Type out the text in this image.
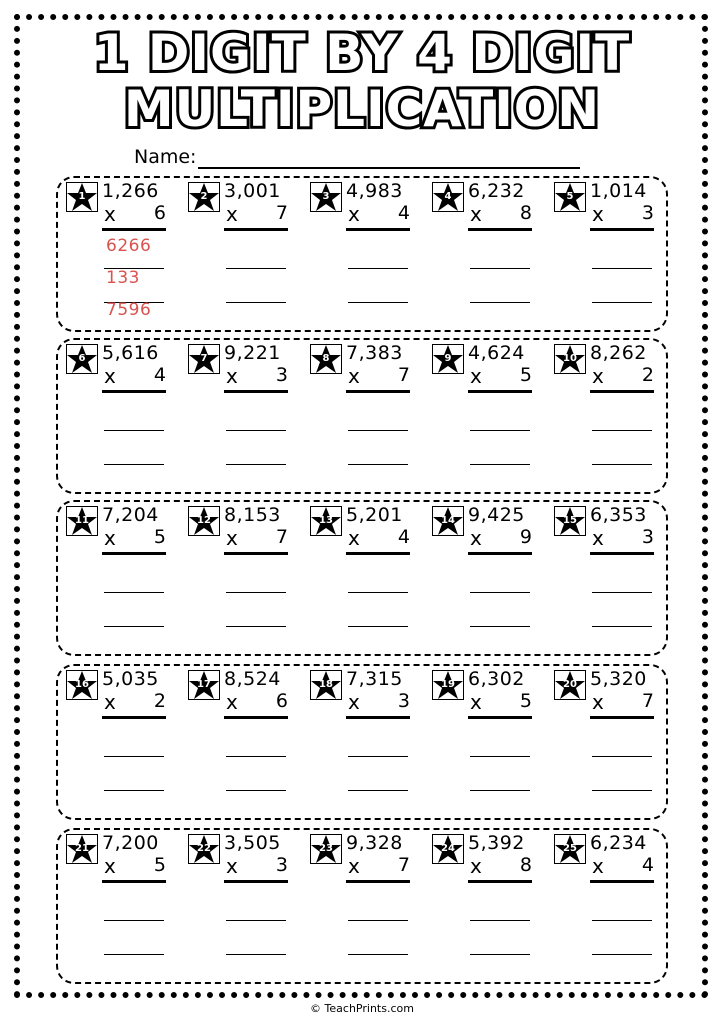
1 DIGIT BY 4 DIGIT
MULTIPLICATION
Name:
1 1,266
x	6
6266
133
7596
2 3,001
x	7
3 4,983
x	4
4 6,232
x	8
5 1,014
x	3
6 5,616
x	4
7 9,221
x	3
8 7,383
x	7
9 4,624
x	5
10 8,262
x	2
11 7,204
x	5
12 8,153
x	7
13 5,201
x	4
14 9,425
x	9
15 6,353
x	3
16 5,035
x	2
17 8,524
x	6
18 7,315
x	3
19 6,302
x	5
20 5,320
x	7
21 7,200
x	5
22 3,505
x	3
23 9,328
x	7
24 5,392
x	8
25 6,234
x	4
© TeachPrints.com
